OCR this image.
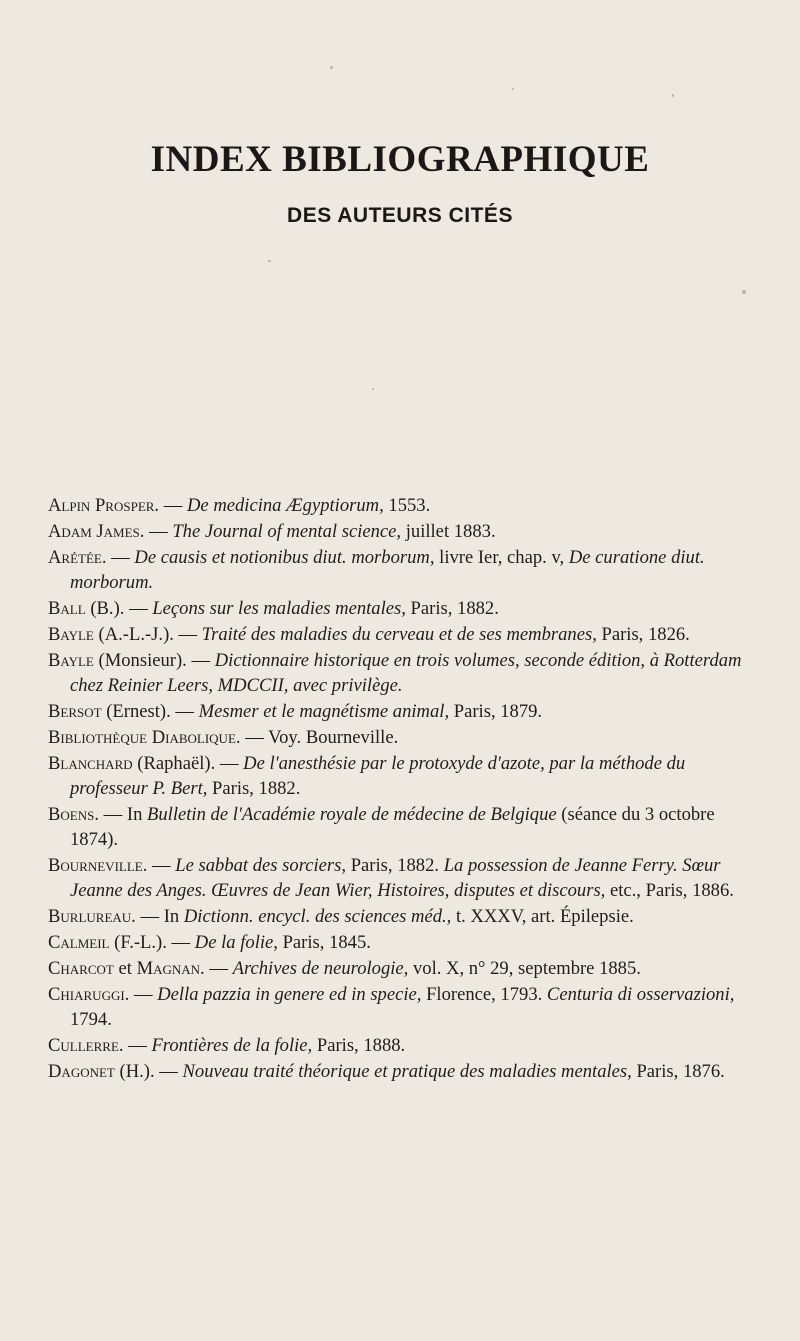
INDEX BIBLIOGRAPHIQUE
DES AUTEURS CITÉS

Alpin Prosper. — De medicina Ægyptiorum, 1553.

Adam James. — The Journal of mental science, juillet 1883.

Arétée. — De causis et notionibus diut. morborum, livre Ier, chap. v, De curatione diut. morborum.

Ball (B.). — Leçons sur les maladies mentales, Paris, 1882.

Bayle (A.-L.-J.). — Traité des maladies du cerveau et de ses membranes, Paris, 1826.

Bayle (Monsieur). — Dictionnaire historique en trois volumes, seconde édition, à Rotterdam chez Reinier Leers, MDCCII, avec privilège.

Bersot (Ernest). — Mesmer et le magnétisme animal, Paris, 1879.

Bibliothèque Diabolique. — Voy. Bourneville.

Blanchard (Raphaël). — De l'anesthésie par le protoxyde d'azote, par la méthode du professeur P. Bert, Paris, 1882.

Boens. — In Bulletin de l'Académie royale de médecine de Belgique (séance du 3 octobre 1874).

Bourneville. — Le sabbat des sorciers, Paris, 1882. La possession de Jeanne Ferry. Sœur Jeanne des Anges. Œuvres de Jean Wier, Histoires, disputes et discours, etc., Paris, 1886.

Burlureau. — In Dictionn. encycl. des sciences méd., t. XXXV, art. Épilepsie.

Calmeil (F.-L.). — De la folie, Paris, 1845.

Charcot et Magnan. — Archives de neurologie, vol. X, n° 29, septembre 1885.

Chiaruggi. — Della pazzia in genere ed in specie, Florence, 1793. Centuria di osservazioni, 1794.

Cullerre. — Frontières de la folie, Paris, 1888.

Dagonet (H.). — Nouveau traité théorique et pratique des maladies mentales, Paris, 1876.
